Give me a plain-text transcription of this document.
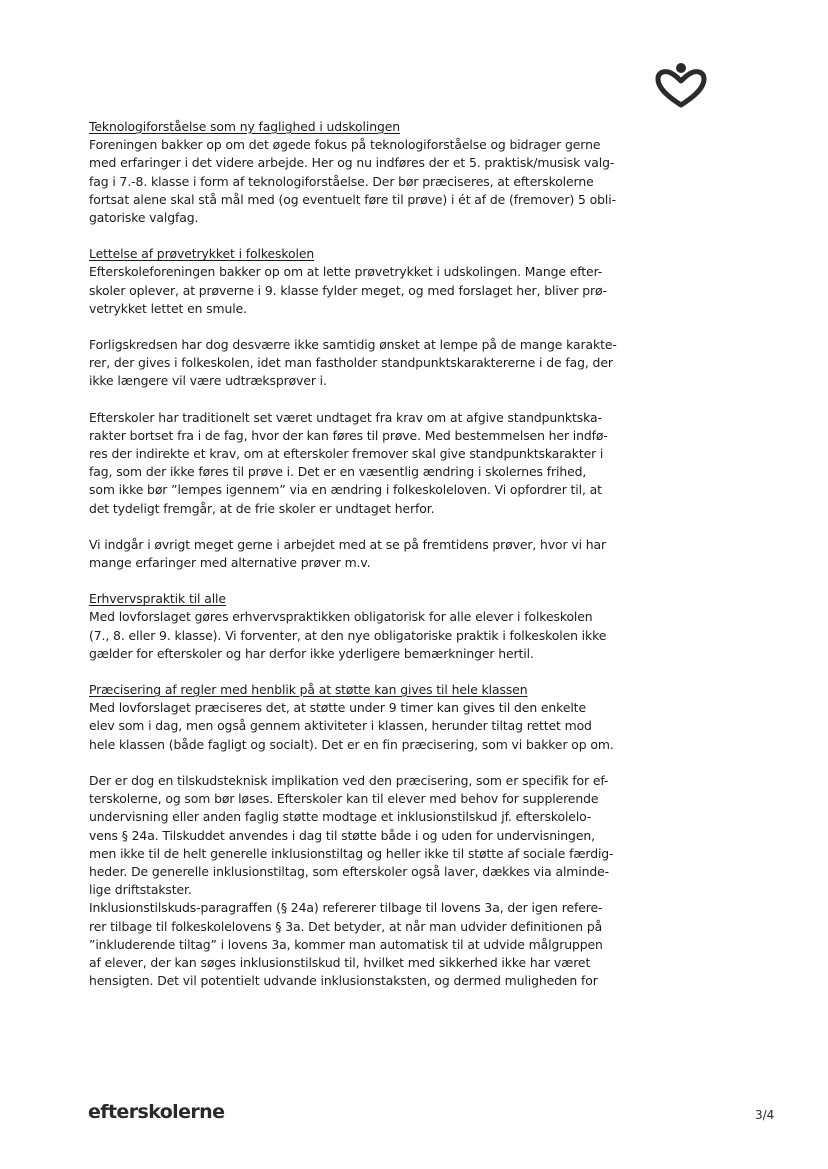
Teknologiforståelse som ny faglighed i udskolingen

Foreningen bakker op om det øgede fokus på teknologiforståelse og bidrager gerne
med erfaringer i det videre arbejde. Her og nu indføres der et 5. praktisk/musisk valg-
fag i 7.-8. klasse i form af teknologiforståelse. Der bør præciseres, at efterskolerne
fortsat alene skal stå mål med (og eventuelt føre til prøve) i ét af de (fremover) 5 obli-
gatoriske valgfag.

Lettelse af prøvetrykket i folkeskolen

Efterskoleforeningen bakker op om at lette prøvetrykket i udskolingen. Mange efter-
skoler oplever, at prøverne i 9. klasse fylder meget, og med forslaget her, bliver prø-
vetrykket lettet en smule.

Forligskredsen har dog desværre ikke samtidig ønsket at lempe på de mange karakte-
rer, der gives i folkeskolen, idet man fastholder standpunktskaraktererne i de fag, der
ikke længere vil være udtræksprøver i.

Efterskoler har traditionelt set været undtaget fra krav om at afgive standpunktska-
rakter bortset fra i de fag, hvor der kan føres til prøve. Med bestemmelsen her indfø-
res der indirekte et krav, om at efterskoler fremover skal give standpunktskarakter i
fag, som der ikke føres til prøve i. Det er en væsentlig ændring i skolernes frihed,
som ikke bør ”lempes igennem” via en ændring i folkeskoleloven. Vi opfordrer til, at
det tydeligt fremgår, at de frie skoler er undtaget herfor.

Vi indgår i øvrigt meget gerne i arbejdet med at se på fremtidens prøver, hvor vi har
mange erfaringer med alternative prøver m.v.

Erhvervspraktik til alle

Med lovforslaget gøres erhvervspraktikken obligatorisk for alle elever i folkeskolen
(7., 8. eller 9. klasse). Vi forventer, at den nye obligatoriske praktik i folkeskolen ikke
gælder for efterskoler og har derfor ikke yderligere bemærkninger hertil.

Præcisering af regler med henblik på at støtte kan gives til hele klassen

Med lovforslaget præciseres det, at støtte under 9 timer kan gives til den enkelte
elev som i dag, men også gennem aktiviteter i klassen, herunder tiltag rettet mod
hele klassen (både fagligt og socialt). Det er en fin præcisering, som vi bakker op om.

Der er dog en tilskudsteknisk implikation ved den præcisering, som er specifik for ef-
terskolerne, og som bør løses. Efterskoler kan til elever med behov for supplerende
undervisning eller anden faglig støtte modtage et inklusionstilskud jf. efterskolelo-
vens § 24a. Tilskuddet anvendes i dag til støtte både i og uden for undervisningen,
men ikke til de helt generelle inklusionstiltag og heller ikke til støtte af sociale færdig-
heder. De generelle inklusionstiltag, som efterskoler også laver, dækkes via alminde-
lige driftstakster.

Inklusionstilskuds-paragraffen (§ 24a) refererer tilbage til lovens 3a, der igen refere-
rer tilbage til folkeskolelovens § 3a. Det betyder, at når man udvider definitionen på
”inkluderende tiltag” i lovens 3a, kommer man automatisk til at udvide målgruppen
af elever, der kan søges inklusionstilskud til, hvilket med sikkerhed ikke har været
hensigten. Det vil potentielt udvande inklusionstaksten, og dermed muligheden for

efterskolerne	3/4
